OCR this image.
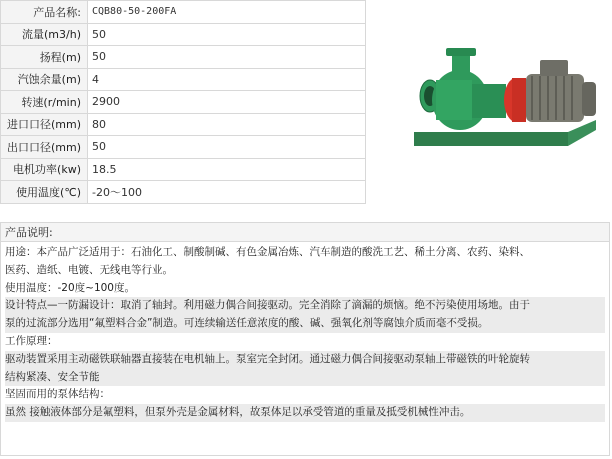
产品名称:	CQB80-50-200FA
流量(m3/h)	50
扬程(m)	50
汽蚀余量(m)	4
转速(r/min)	2900
进口口径(mm)	80
出口口径(mm)	50
电机功率(kw)	18.5
使用温度(℃)	-20～100
产品说明:

用途：本产品广泛适用于：石油化工、制酸制碱、有色金属冶炼、汽车制造的酸洗工艺、稀土分离、农药、染料、

医药、造纸、电镀、无线电等行业。

使用温度：-20度~100度。

设计特点—一防漏设计：取消了轴封。利用磁力偶合间接驱动。完全消除了滴漏的烦恼。绝不污染使用场地。由于

泵的过流部分选用“氟塑料合金”制造。可连续输送任意浓度的酸、碱、强氧化剂等腐蚀介质而毫不受损。

工作原理：

驱动装置采用主动磁铁联轴器直接装在电机轴上。泵室完全封闭。通过磁力偶合间接驱动泵轴上带磁铁的叶轮旋转

结构紧凑、安全节能

坚固而用的泵体结构：

虽然 接触液体部分是氟塑料，但泵外壳是金属材料，故泵体足以承受管道的重量及抵受机械性冲击。
